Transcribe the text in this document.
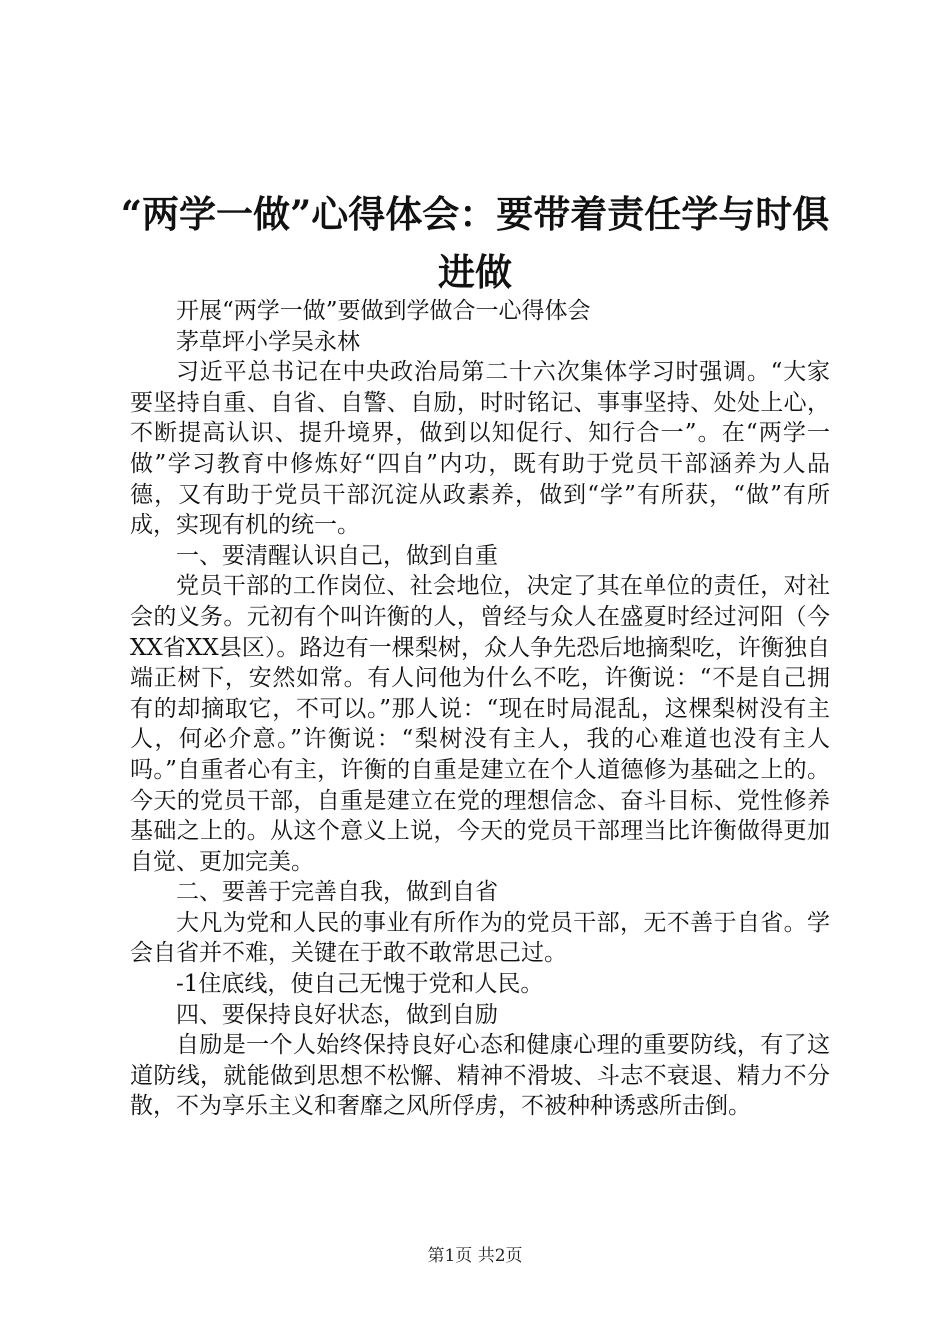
“两学一做”心得体会：要带着责任学与时俱进做

开展“两学一做”要做到学做合一心得体会

茅草坪小学吴永林

习近平总书记在中央政治局第二十六次集体学习时强调。“大家要坚持自重、自省、自警、自励，时时铭记、事事坚持、处处上心，不断提高认识、提升境界，做到以知促行、知行合一”。在“两学一做”学习教育中修炼好“四自”内功，既有助于党员干部涵养为人品德，又有助于党员干部沉淀从政素养，做到“学”有所获，“做”有所成，实现有机的统一。

一、要清醒认识自己，做到自重

党员干部的工作岗位、社会地位，决定了其在单位的责任，对社会的义务。元初有个叫许衡的人，曾经与众人在盛夏时经过河阳（今XX省XX县区）。路边有一棵梨树，众人争先恐后地摘梨吃，许衡独自端正树下，安然如常。有人问他为什么不吃，许衡说：“不是自己拥有的却摘取它，不可以。”那人说：“现在时局混乱，这棵梨树没有主人，何必介意。”许衡说：“梨树没有主人，我的心难道也没有主人吗。”自重者心有主，许衡的自重是建立在个人道德修为基础之上的。今天的党员干部，自重是建立在党的理想信念、奋斗目标、党性修养基础之上的。从这个意义上说，今天的党员干部理当比许衡做得更加自觉、更加完美。

二、要善于完善自我，做到自省

大凡为党和人民的事业有所作为的党员干部，无不善于自省。学会自省并不难，关键在于敢不敢常思己过。

-1住底线，使自己无愧于党和人民。

四、要保持良好状态，做到自励

自励是一个人始终保持良好心态和健康心理的重要防线，有了这道防线，就能做到思想不松懈、精神不滑坡、斗志不衰退、精力不分散，不为享乐主义和奢靡之风所俘虏，不被种种诱惑所击倒。

第1页 共2页
